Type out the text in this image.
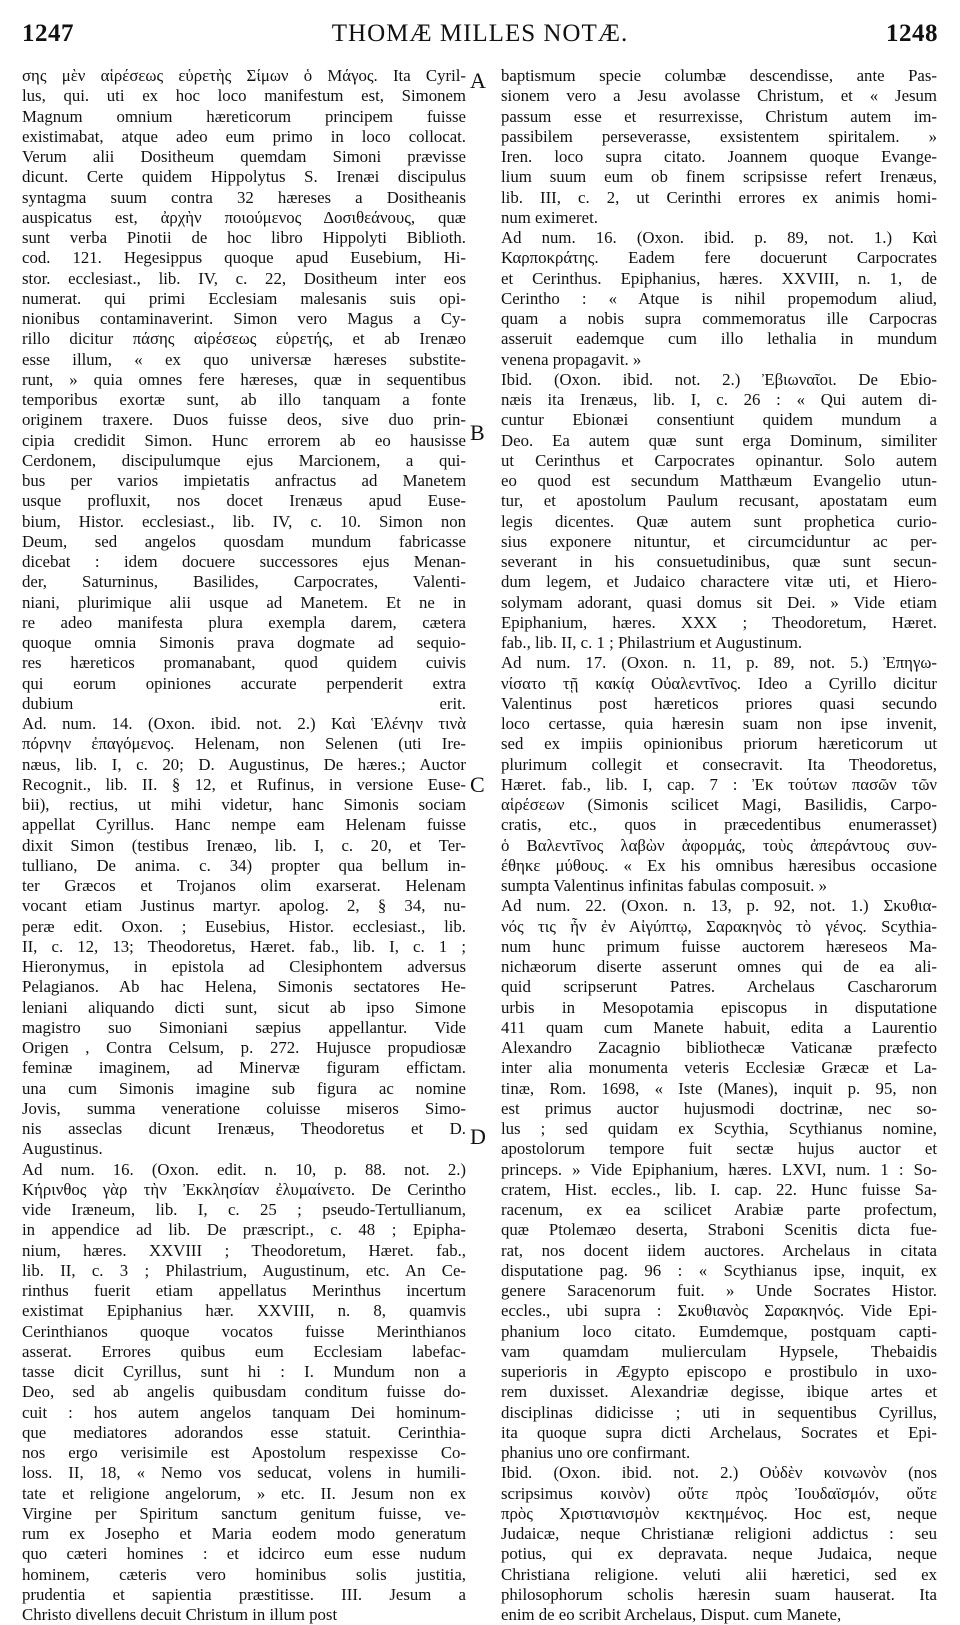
1247	THOMÆ MILLES NOTÆ.	1248
σης μὲν αἱρέσεως εὑρετὴς Σίμων ὁ Μάγος. Ita Cyril-
lus, qui. uti ex hoc loco manifestum est, Simonem
Magnum omnium hæreticorum principem fuisse
existimabat, atque adeo eum primo in loco collocat.
Verum alii Dositheum quemdam Simoni prævisse
dicunt. Certe quidem Hippolytus S. Irenæi discipulus
syntagma suum contra 32 hæreses a Dositheanis
auspicatus est, ἀρχὴν ποιούμενος Δοσιθεάνους, quæ
sunt verba Pinotii de hoc libro Hippolyti Biblioth.
cod. 121. Hegesippus quoque apud Eusebium, Hi-
stor. ecclesiast., lib. IV, c. 22, Dositheum inter eos
numerat. qui primi Ecclesiam malesanis suis opi-
nionibus contaminaverint. Simon vero Magus a Cy-
rillo dicitur πάσης αἱρέσεως εὑρετής, et ab Irenæo
esse illum, « ex quo universæ hæreses substite-
runt, » quia omnes fere hæreses, quæ in sequentibus
temporibus exortæ sunt, ab illo tanquam a fonte
originem traxere. Duos fuisse deos, sive duo prin-
cipia credidit Simon. Hunc errorem ab eo hausisse
Cerdonem, discipulumque ejus Marcionem, a qui-
bus per varios impietatis anfractus ad Manetem
usque profluxit, nos docet Irenæus apud Euse-
bium, Histor. ecclesiast., lib. IV, c. 10. Simon non
Deum, sed angelos quosdam mundum fabricasse
dicebat : idem docuere successores ejus Menan-
der, Saturninus, Basilides, Carpocrates, Valenti-
niani, plurimique alii usque ad Manetem. Et ne in
re adeo manifesta plura exempla darem, cætera
quoque omnia Simonis prava dogmate ad sequio-
res hæreticos promanabant, quod quidem cuivis
qui eorum opiniones accurate perpenderit extra
dubium erit.
Ad. num. 14. (Oxon. ibid. not. 2.) Καὶ Ἑλένην τινὰ
πόρνην ἐπαγόμενος. Helenam, non Selenen (uti Ire-
næus, lib. I, c. 20; D. Augustinus, De hæres.; Auctor
Recognit., lib. II. § 12, et Rufinus, in versione Euse-
bii), rectius, ut mihi videtur, hanc Simonis sociam
appellat Cyrillus. Hanc nempe eam Helenam fuisse
dixit Simon (testibus Irenæo, lib. I, c. 20, et Ter-
tulliano, De anima. c. 34) propter qua bellum in-
ter Græcos et Trojanos olim exarserat. Helenam
vocant etiam Justinus martyr. apolog. 2, § 34, nu-
peræ edit. Oxon. ; Eusebius, Histor. ecclesiast., lib.
II, c. 12, 13; Theodoretus, Hæret. fab., lib. I, c. 1 ;
Hieronymus, in epistola ad Clesiphontem adversus
Pelagianos. Ab hac Helena, Simonis sectatores He-
leniani aliquando dicti sunt, sicut ab ipso Simone
magistro suo Simoniani sæpius appellantur. Vide
Origen , Contra Celsum, p. 272. Hujusce propudiosæ
feminæ imaginem, ad Minervæ figuram effictam.
una cum Simonis imagine sub figura ac nomine
Jovis, summa veneratione coluisse miseros Simo-
nis asseclas dicunt Irenæus, Theodoretus et D.
Augustinus.
Ad num. 16. (Oxon. edit. n. 10, p. 88. not. 2.)
Κήρινθος γὰρ τὴν Ἐκκλησίαν ἐλυμαίνετο. De Cerintho
vide Iræneum, lib. I, c. 25 ; pseudo-Tertullianum,
in appendice ad lib. De præscript., c. 48 ; Epipha-
nium, hæres. XXVIII ; Theodoretum, Hæret. fab.,
lib. II, c. 3 ; Philastrium, Augustinum, etc. An Ce-
rinthus fuerit etiam appellatus Merinthus incertum
existimat Epiphanius hær. XXVIII, n. 8, quamvis
Cerinthianos quoque vocatos fuisse Merinthianos
asserat. Errores quibus eum Ecclesiam labefac-
tasse dicit Cyrillus, sunt hi : I. Mundum non a
Deo, sed ab angelis quibusdam conditum fuisse do-
cuit : hos autem angelos tanquam Dei hominum-
que mediatores adorandos esse statuit. Cerinthia-
nos ergo verisimile est Apostolum respexisse Co-
loss. II, 18, « Nemo vos seducat, volens in humili-
tate et religione angelorum, » etc. II. Jesum non ex
Virgine per Spiritum sanctum genitum fuisse, ve-
rum ex Josepho et Maria eodem modo generatum
quo cæteri homines : et idcirco eum esse nudum
hominem, cæteris vero hominibus solis justitia,
prudentia et sapientia præstitisse. III. Jesum a
Christo divellens decuit Christum in illum post
baptismum specie columbæ descendisse, ante Pas-
sionem vero a Jesu avolasse Christum, et « Jesum
passum esse et resurrexisse, Christum autem im-
passibilem perseverasse, exsistentem spiritalem. »
Iren. loco supra citato. Joannem quoque Evange-
lium suum eum ob finem scripsisse refert Irenæus,
lib. III, c. 2, ut Cerinthi errores ex animis homi-
num eximeret.
Ad num. 16. (Oxon. ibid. p. 89, not. 1.) Καὶ
Καρποκράτης. Eadem fere docuerunt Carpocrates
et Cerinthus. Epiphanius, hæres. XXVIII, n. 1, de
Cerintho : « Atque is nihil propemodum aliud,
quam a nobis supra commemoratus ille Carpocras
asseruit eademque cum illo lethalia in mundum
venena propagavit. »
Ibid. (Oxon. ibid. not. 2.) Ἐβιωναῖοι. De Ebio-
næis ita Irenæus, lib. I, c. 26 : « Qui autem di-
cuntur Ebionæi consentiunt quidem mundum a
Deo. Ea autem quæ sunt erga Dominum, similiter
ut Cerinthus et Carpocrates opinantur. Solo autem
eo quod est secundum Matthæum Evangelio utun-
tur, et apostolum Paulum recusant, apostatam eum
legis dicentes. Quæ autem sunt prophetica curio-
sius exponere nituntur, et circumciduntur ac per-
severant in his consuetudinibus, quæ sunt secun-
dum legem, et Judaico charactere vitæ uti, et Hiero-
solymam adorant, quasi domus sit Dei. » Vide etiam
Epiphanium, hæres. XXX ; Theodoretum, Hæret.
fab., lib. II, c. 1 ; Philastrium et Augustinum.
Ad num. 17. (Oxon. n. 11, p. 89, not. 5.) Ἐπηγω-
νίσατο τῇ κακίᾳ Οὐαλεντῖνος. Ideo a Cyrillo dicitur
Valentinus post hæreticos priores quasi secundo
loco certasse, quia hæresin suam non ipse invenit,
sed ex impiis opinionibus priorum hæreticorum ut
plurimum collegit et consecravit. Ita Theodoretus,
Hæret. fab., lib. I, cap. 7 : Ἐκ τούτων πασῶν τῶν
αἱρέσεων (Simonis scilicet Magi, Basilidis, Carpo-
cratis, etc., quos in præcedentibus enumerasset)
ὁ Βαλεντῖνος λαβὼν ἀφορμάς, τοὺς ἀπεράντους συν-
έθηκε μύθους. « Ex his omnibus hæresibus occasione
sumpta Valentinus infinitas fabulas composuit. »
Ad num. 22. (Oxon. n. 13, p. 92, not. 1.) Σκυθια-
νός τις ἦν ἐν Αἰγύπτῳ, Σαρακηνὸς τὸ γένος. Scythia-
num hunc primum fuisse auctorem hæreseos Ma-
nichæorum diserte asserunt omnes qui de ea ali-
quid scripserunt Patres. Archelaus Cascharorum
urbis in Mesopotamia episcopus in disputatione
411 quam cum Manete habuit, edita a Laurentio
Alexandro Zacagnio bibliothecæ Vaticanæ præfecto
inter alia monumenta veteris Ecclesiæ Græcæ et La-
tinæ, Rom. 1698, « Iste (Manes), inquit p. 95, non
est primus auctor hujusmodi doctrinæ, nec so-
lus ; sed quidam ex Scythia, Scythianus nomine,
apostolorum tempore fuit sectæ hujus auctor et
princeps. » Vide Epiphanium, hæres. LXVI, num. 1 : So-
cratem, Hist. eccles., lib. I. cap. 22. Hunc fuisse Sa-
racenum, ex ea scilicet Arabiæ parte profectum,
quæ Ptolemæo deserta, Straboni Scenitis dicta fue-
rat, nos docent iidem auctores. Archelaus in citata
disputatione pag. 96 : « Scythianus ipse, inquit, ex
genere Saracenorum fuit. » Unde Socrates Histor.
eccles., ubi supra : Σκυθιανὸς Σαρακηνός. Vide Epi-
phanium loco citato. Eumdemque, postquam capti-
vam quamdam mulierculam Hypsele, Thebaidis
superioris in Ægypto episcopo e prostibulo in uxo-
rem duxisset. Alexandriæ degisse, ibique artes et
disciplinas didicisse ; uti in sequentibus Cyrillus,
ita quoque supra dicti Archelaus, Socrates et Epi-
phanius uno ore confirmant.
Ibid. (Oxon. ibid. not. 2.) Οὐδὲν κοινωνὸν (nos
scripsimus κοινὸν) οὔτε πρὸς Ἰουδαϊσμόν, οὔτε
πρὸς Χριστιανισμὸν κεκτημένος. Hoc est, neque
Judaicæ, neque Christianæ religioni addictus : seu
potius, qui ex depravata. neque Judaica, neque
Christiana religione. veluti alii hæretici, sed ex
philosophorum scholis hæresin suam hauserat. Ita
enim de eo scribit Archelaus, Disput. cum Manete,
A
B
C
D
